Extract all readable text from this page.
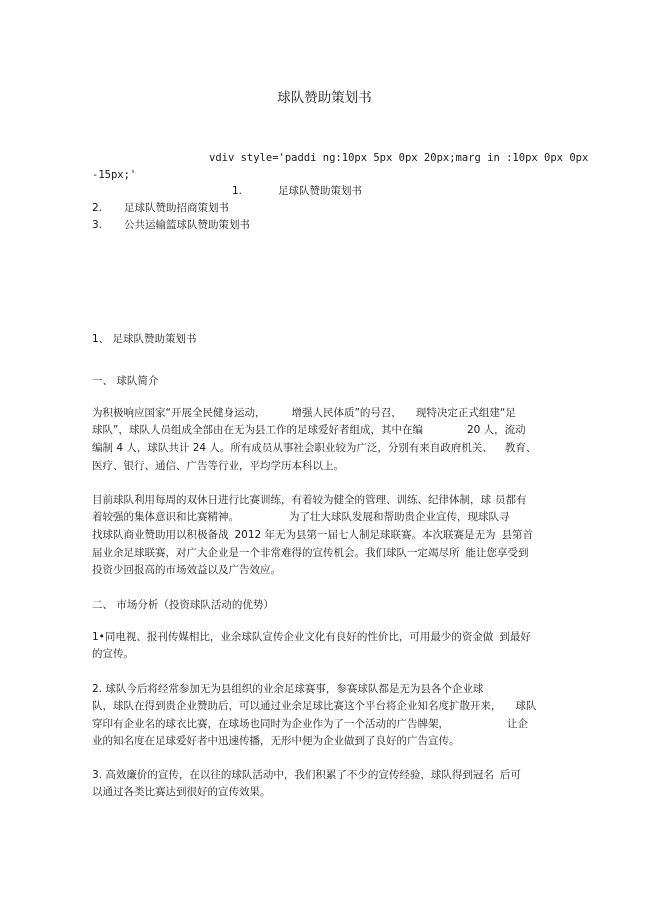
球队赞助策划书
vdiv style='paddi ng:10px 5px 0px 20px;marg in :10px 0px 0px
-15px;'
1.	足球队赞助策划书
2. 足球队赞助招商策划书
3. 公共运输篮球队赞助策划书
1、 足球队赞助策划书
一、 球队简介
为积极响应国家“开展全民健身运动， 增强人民体质”的号召， 现特决定正式组建“足
球队”，球队人员组成全部由在无为县工作的足球爱好者组成，其中在编	20 人，流动
编制 4 人，球队共计 24 人。所有成员从事社会职业较为广泛，分别有来自政府机关、 教育、
医疗、银行、通信、广告等行业，平均学历本科以上。
目前球队利用每周的双休日进行比赛训练，有着较为健全的管理、训练、纪律体制，球 员都有
着较强的集体意识和比赛精神。	为了壮大球队发展和帮助贵企业宣传，现球队寻
找球队商业赞助用以积极备战 2012 年无为县第一届七人制足球联赛。本次联赛是无为 县第首
届业余足球联赛，对广大企业是一个非常难得的宣传机会。我们球队一定竭尽所 能让您享受到
投资少回报高的市场效益以及广告效应。
二、 市场分析（投资球队活动的优势）
1•同电视、报刊传媒相比，业余球队宣传企业文化有良好的性价比，可用最少的资金做 到最好
的宣传。
2. 球队今后将经常参加无为县组织的业余足球赛事，参赛球队都是无为县各个企业球
队，球队在得到贵企业赞助后，可以通过业余足球比赛这个平台将企业知名度扩散开来， 球队
穿印有企业名的球衣比赛，在球场也同时为企业作为了一个活动的广告牌架，	让企
业的知名度在足球爱好者中迅速传播，无形中便为企业做到了良好的广告宣传。
3. 高效廉价的宣传，在以往的球队活动中，我们积累了不少的宣传经验，球队得到冠名 后可
以通过各类比赛达到很好的宣传效果。
